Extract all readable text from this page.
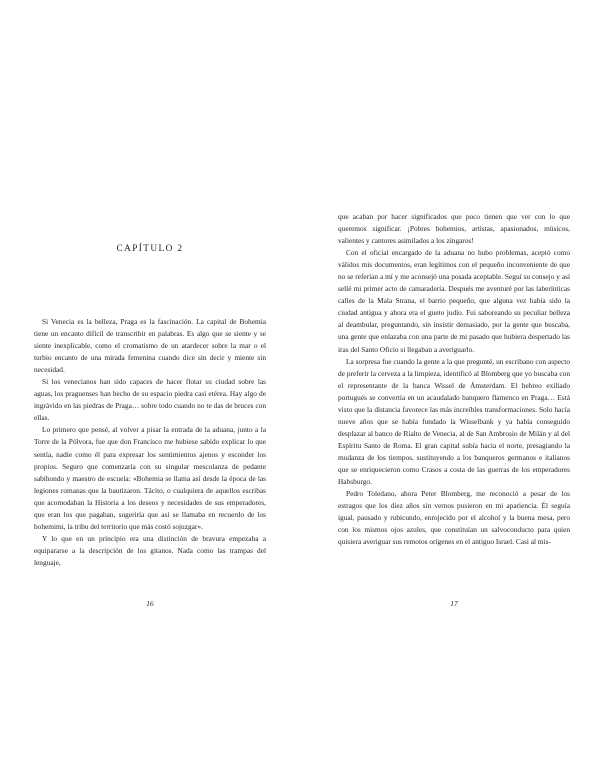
CAPÍTULO 2

Si Venecia es la belleza, Praga es la fascinación. La capital de Bohemia tiene un encanto difícil de transcribir en palabras. Es algo que se siente y se siente inexplicable, como el cromatismo de un atardecer sobre la mar o el turbio encanto de una mirada femenina cuando dice sin decir y miente sin necesidad.

Si los venecianos han sido capaces de hacer flotar su ciudad sobre las aguas, los praguenses han hecho de su espacio piedra casi etérea. Hay algo de ingrávido en las piedras de Praga… sobre todo cuando no te das de bruces con ellas.

Lo primero que pensé, al volver a pisar la entrada de la aduana, junto a la Torre de la Pólvora, fue que don Francisco me hubiese sabido explicar lo que sentía, nadie como él para expresar los sentimientos ajenos y esconder los propios. Seguro que comenzaría con su singular mescolanza de pedante sabihondo y maestro de escuela: «Bohemia se llama así desde la época de las legiones romanas que la bautizaron. Tácito, o cualquiera de aquellos escribas que acomodaban la Historia a los deseos y necesidades de sus emperadores, que eran los que pagaban, sugeriría que así se llamaba en recuerdo de los bohemimi, la tribu del territorio que más costó sojuzgar».

Y lo que en un principio era una distinción de bravura empezaba a equipararse a la descripción de los gitanos. Nada como las trampas del lenguaje,

16

que acaban por hacer significados que poco tienen que ver con lo que queremos significar. ¡Pobres bohemios, artistas, apasionados, músicos, valientes y cantores asimilados a los zíngaros!

Con el oficial encargado de la aduana no hubo problemas, aceptó como válidos mis documentos, eran legítimos con el pequeño inconveniente de que no se referían a mí y me aconsejó una posada aceptable. Seguí su consejo y así sellé mi primer acto de camaradería. Después me aventuré por las laberínticas calles de la Mala Strana, el barrio pequeño, que alguna vez había sido la ciudad antigua y ahora era el gueto judío. Fui saboreando su peculiar belleza al deambular, preguntando, sin insistir demasiado, por la gente que buscaba, una gente que enlazaba con una parte de mi pasado que hubiera despertado las iras del Santo Oficio si llegaban a averiguarlo.

La sorpresa fue cuando la gente a la que pregunté, un escribano con aspecto de preferir la cerveza a la limpieza, identificó al Blomberg que yo buscaba con el representante de la banca Wissel de Ámsterdam. El hebreo exiliado portugués se convertía en un acaudalado banquero flamenco en Praga… Está visto que la distancia favorece las más increíbles transformaciones. Solo hacía nueve años que se había fundado la Wisselbank y ya había conseguido desplazar al banco de Rialto de Venecia, al de San Ambrosio de Milán y al del Espíritu Santo de Roma. El gran capital subía hacia el norte, presagiando la mudanza de los tiempos, sustituyendo a los banqueros germanos e italianos que se enriquecieron como Crasos a costa de las guerras de los emperadores Habsburgo.

Pedro Toledano, ahora Peter Blomberg, me reconoció a pesar de los estragos que los diez años sin vernos pusieron en mi apariencia. Él seguía igual, pausado y rubicundo, enrojecido por el alcohol y la buena mesa, pero con los mismos ojos azules, que constituían un salvoconducto para quien quisiera averiguar sus remotos orígenes en el antiguo Israel. Casi al mis-

17
